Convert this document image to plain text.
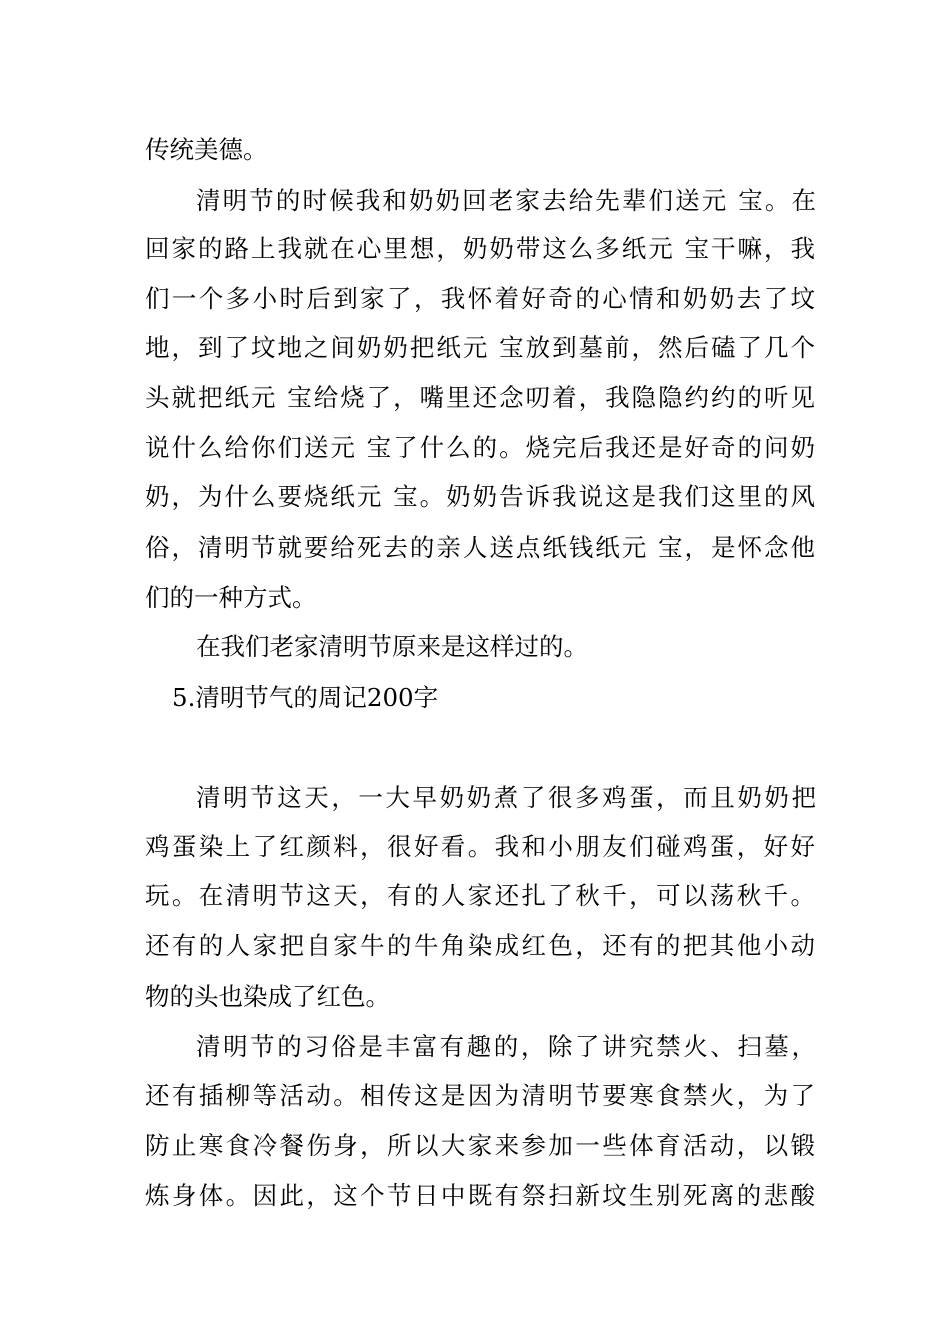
传统美德。
清明节的时候我和奶奶回老家去给先辈们送元 宝。在
回家的路上我就在心里想，奶奶带这么多纸元 宝干嘛，我
们一个多小时后到家了，我怀着好奇的心情和奶奶去了坟
地，到了坟地之间奶奶把纸元 宝放到墓前，然后磕了几个
头就把纸元 宝给烧了，嘴里还念叨着，我隐隐约约的听见
说什么给你们送元 宝了什么的。烧完后我还是好奇的问奶
奶，为什么要烧纸元 宝。奶奶告诉我说这是我们这里的风
俗，清明节就要给死去的亲人送点纸钱纸元 宝，是怀念他
们的一种方式。
在我们老家清明节原来是这样过的。
5.清明节气的周记200字
清明节这天，一大早奶奶煮了很多鸡蛋，而且奶奶把
鸡蛋染上了红颜料，很好看。我和小朋友们碰鸡蛋，好好
玩。在清明节这天，有的人家还扎了秋千，可以荡秋千。
还有的人家把自家牛的牛角染成红色，还有的把其他小动
物的头也染成了红色。
清明节的习俗是丰富有趣的，除了讲究禁火、扫墓，
还有插柳等活动。相传这是因为清明节要寒食禁火，为了
防止寒食冷餐伤身，所以大家来参加一些体育活动，以锻
炼身体。因此，这个节日中既有祭扫新坟生别死离的悲酸
